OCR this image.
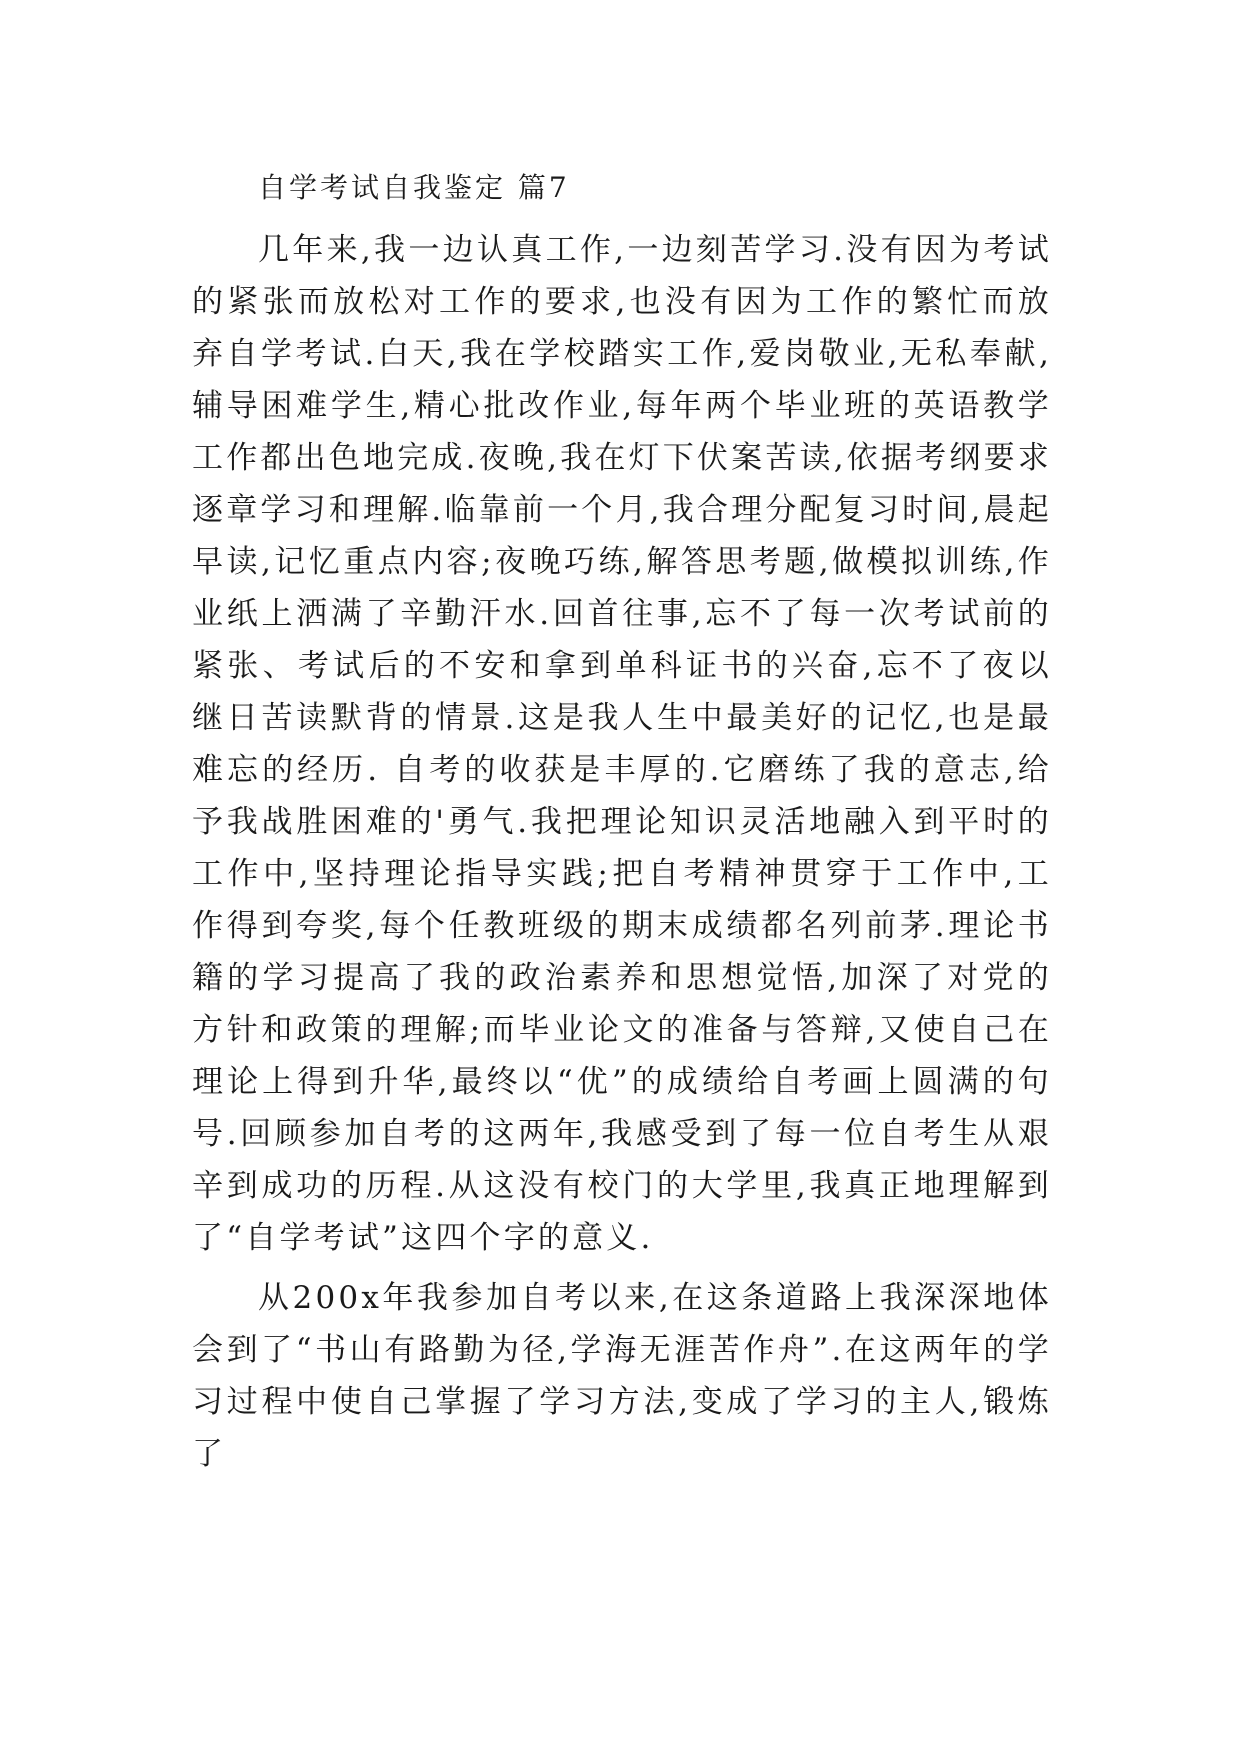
自学考试自我鉴定 篇7

几年来,我一边认真工作,一边刻苦学习.没有因为考试的紧张而放松对工作的要求,也没有因为工作的繁忙而放弃自学考试.白天,我在学校踏实工作,爱岗敬业,无私奉献,辅导困难学生,精心批改作业,每年两个毕业班的英语教学工作都出色地完成.夜晚,我在灯下伏案苦读,依据考纲要求逐章学习和理解.临靠前一个月,我合理分配复习时间,晨起早读,记忆重点内容;夜晚巧练,解答思考题,做模拟训练,作业纸上洒满了辛勤汗水.回首往事,忘不了每一次考试前的紧张、考试后的不安和拿到单科证书的兴奋,忘不了夜以继日苦读默背的情景.这是我人生中最美好的记忆,也是最难忘的经历. 自考的收获是丰厚的.它磨练了我的意志,给予我战胜困难的'勇气.我把理论知识灵活地融入到平时的工作中,坚持理论指导实践;把自考精神贯穿于工作中,工作得到夸奖,每个任教班级的期末成绩都名列前茅.理论书籍的学习提高了我的政治素养和思想觉悟,加深了对党的方针和政策的理解;而毕业论文的准备与答辩,又使自己在理论上得到升华,最终以“优”的成绩给自考画上圆满的句号.回顾参加自考的这两年,我感受到了每一位自考生从艰辛到成功的历程.从这没有校门的大学里,我真正地理解到了“自学考试”这四个字的意义.

从200x年我参加自考以来,在这条道路上我深深地体会到了“书山有路勤为径,学海无涯苦作舟”.在这两年的学习过程中使自己掌握了学习方法,变成了学习的主人,锻炼了
